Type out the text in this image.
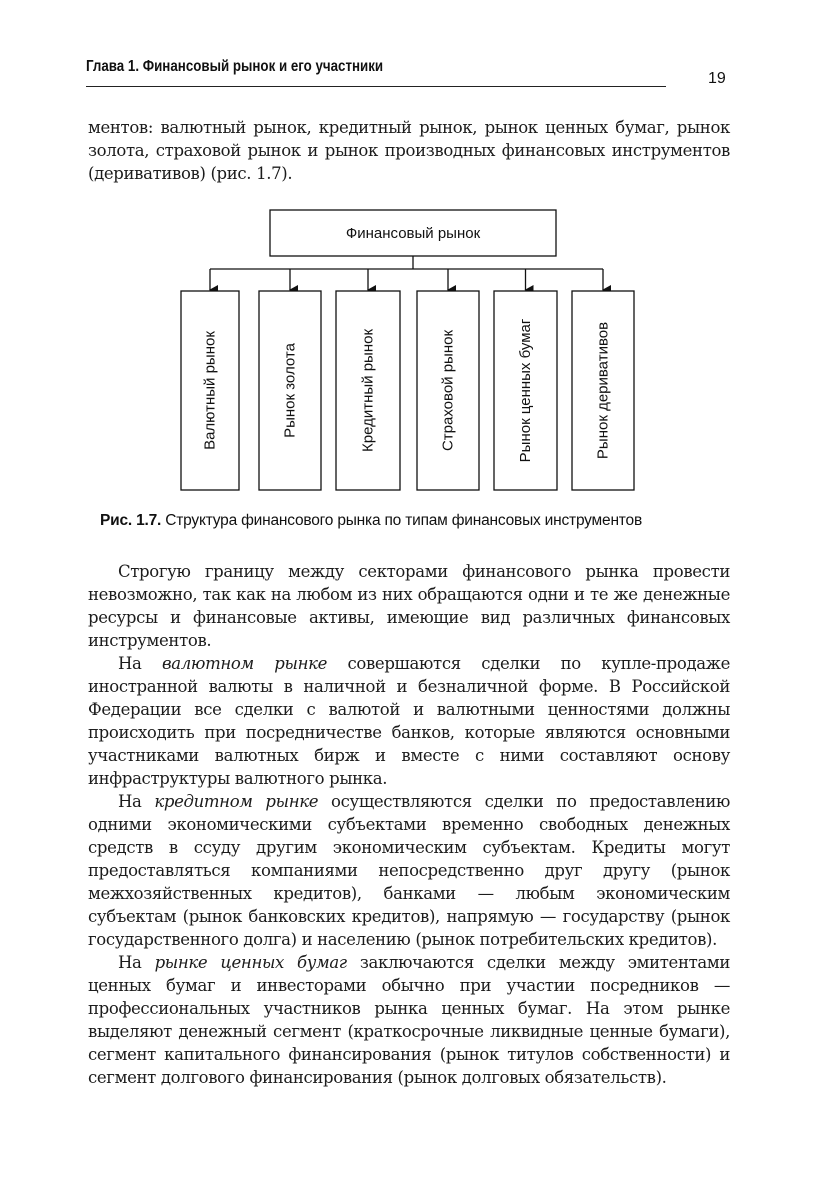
Глава 1. Финансовый рынок и его участники
19
ментов: валютный рынок, кредитный рынок, рынок ценных бумаг, рынок
золота, страховой рынок и рынок производных финансовых инструментов
(деривативов) (рис. 1.7).
Финансовый рынок
Валютный рынок	Рынок золота	Кредитный рынок	Страховой рынок	Рынок ценных бумаг	Рынок деривативов
Рис. 1.7. Структура финансового рынка по типам финансовых инструментов

Строгую границу между секторами финансового рынка провести невозможно, так как на любом из них обращаются одни и те же денежные ресурсы и финансовые активы, имеющие вид различных финансовых инструментов.

На валютном рынке совершаются сделки по купле-продаже иностранной валюты в наличной и безналичной форме. В Российской Федерации все сделки с валютой и валютными ценностями должны происходить при посредничестве банков, которые являются основными участниками валютных бирж и вместе с ними составляют основу инфраструктуры валютного рынка.

На кредитном рынке осуществляются сделки по предоставлению одними экономическими субъектами временно свободных денежных средств в ссуду другим экономическим субъектам. Кредиты могут предоставляться компаниями непосредственно друг другу (рынок межхозяйственных кредитов), банками — любым экономическим субъектам (рынок банковских кредитов), напрямую — государству (рынок государственного долга) и населению (рынок потребительских кредитов).

На рынке ценных бумаг заключаются сделки между эмитентами ценных бумаг и инвесторами обычно при участии посредников — профессиональных участников рынка ценных бумаг. На этом рынке выделяют денежный сегмент (краткосрочные ликвидные ценные бумаги), сегмент капитального финансирования (рынок титулов собственности) и сегмент долгового финансирования (рынок долговых обязательств).
